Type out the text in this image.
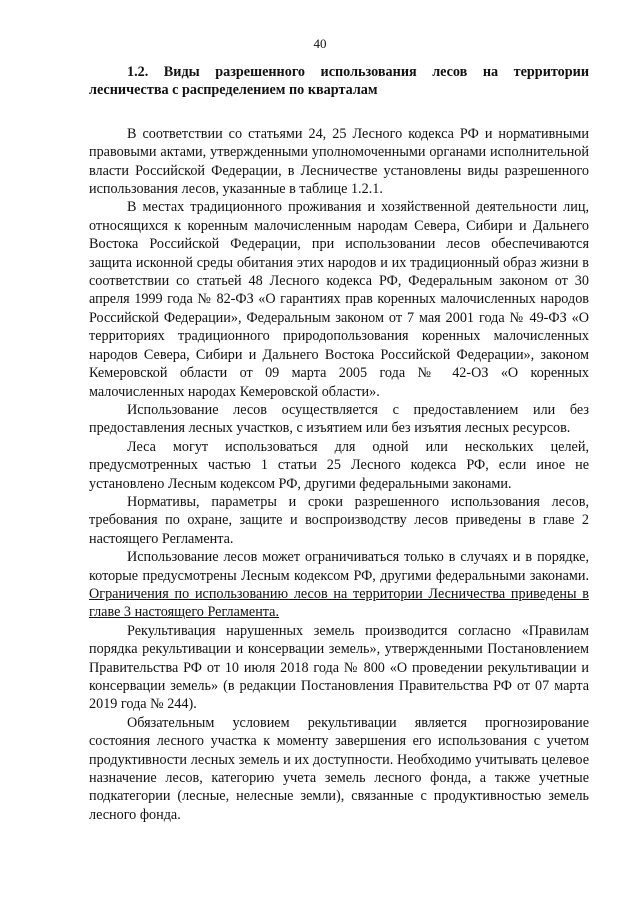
40

1.2. Виды разрешенного использования лесов на территории лесничества с распределением по кварталам

В соответствии со статьями 24, 25 Лесного кодекса РФ и нормативными правовыми актами, утвержденными уполномоченными органами исполнительной власти Российской Федерации, в Лесничестве установлены виды разрешенного использования лесов, указанные в таблице 1.2.1.

В местах традиционного проживания и хозяйственной деятельности лиц, относящихся к коренным малочисленным народам Севера, Сибири и Дальнего Востока Российской Федерации, при использовании лесов обеспечиваются защита исконной среды обитания этих народов и их традиционный образ жизни в соответствии со статьей 48 Лесного кодекса РФ, Федеральным законом от 30 апреля 1999 года № 82-ФЗ «О гарантиях прав коренных малочисленных народов Российской Федерации», Федеральным законом от 7 мая 2001 года № 49-ФЗ «О территориях традиционного природопользования коренных малочисленных народов Севера, Сибири и Дальнего Востока Российской Федерации», законом Кемеровской области от 09 марта 2005 года № 42-ОЗ «О коренных малочисленных народах Кемеровской области».

Использование лесов осуществляется с предоставлением или без предоставления лесных участков, с изъятием или без изъятия лесных ресурсов.

Леса могут использоваться для одной или нескольких целей, предусмотренных частью 1 статьи 25 Лесного кодекса РФ, если иное не установлено Лесным кодексом РФ, другими федеральными законами.

Нормативы, параметры и сроки разрешенного использования лесов, требования по охране, защите и воспроизводству лесов приведены в главе 2 настоящего Регламента.

Использование лесов может ограничиваться только в случаях и в порядке, которые предусмотрены Лесным кодексом РФ, другими федеральными законами. Ограничения по использованию лесов на территории Лесничества приведены в главе 3 настоящего Регламента.

Рекультивация нарушенных земель производится согласно «Правилам порядка рекультивации и консервации земель», утвержденными Постановлением Правительства РФ от 10 июля 2018 года № 800 «О проведении рекультивации и консервации земель» (в редакции Постановления Правительства РФ от 07 марта 2019 года № 244).

Обязательным условием рекультивации является прогнозирование состояния лесного участка к моменту завершения его использования с учетом продуктивности лесных земель и их доступности. Необходимо учитывать целевое назначение лесов, категорию учета земель лесного фонда, а также учетные подкатегории (лесные, нелесные земли), связанные с продуктивностью земель лесного фонда.
